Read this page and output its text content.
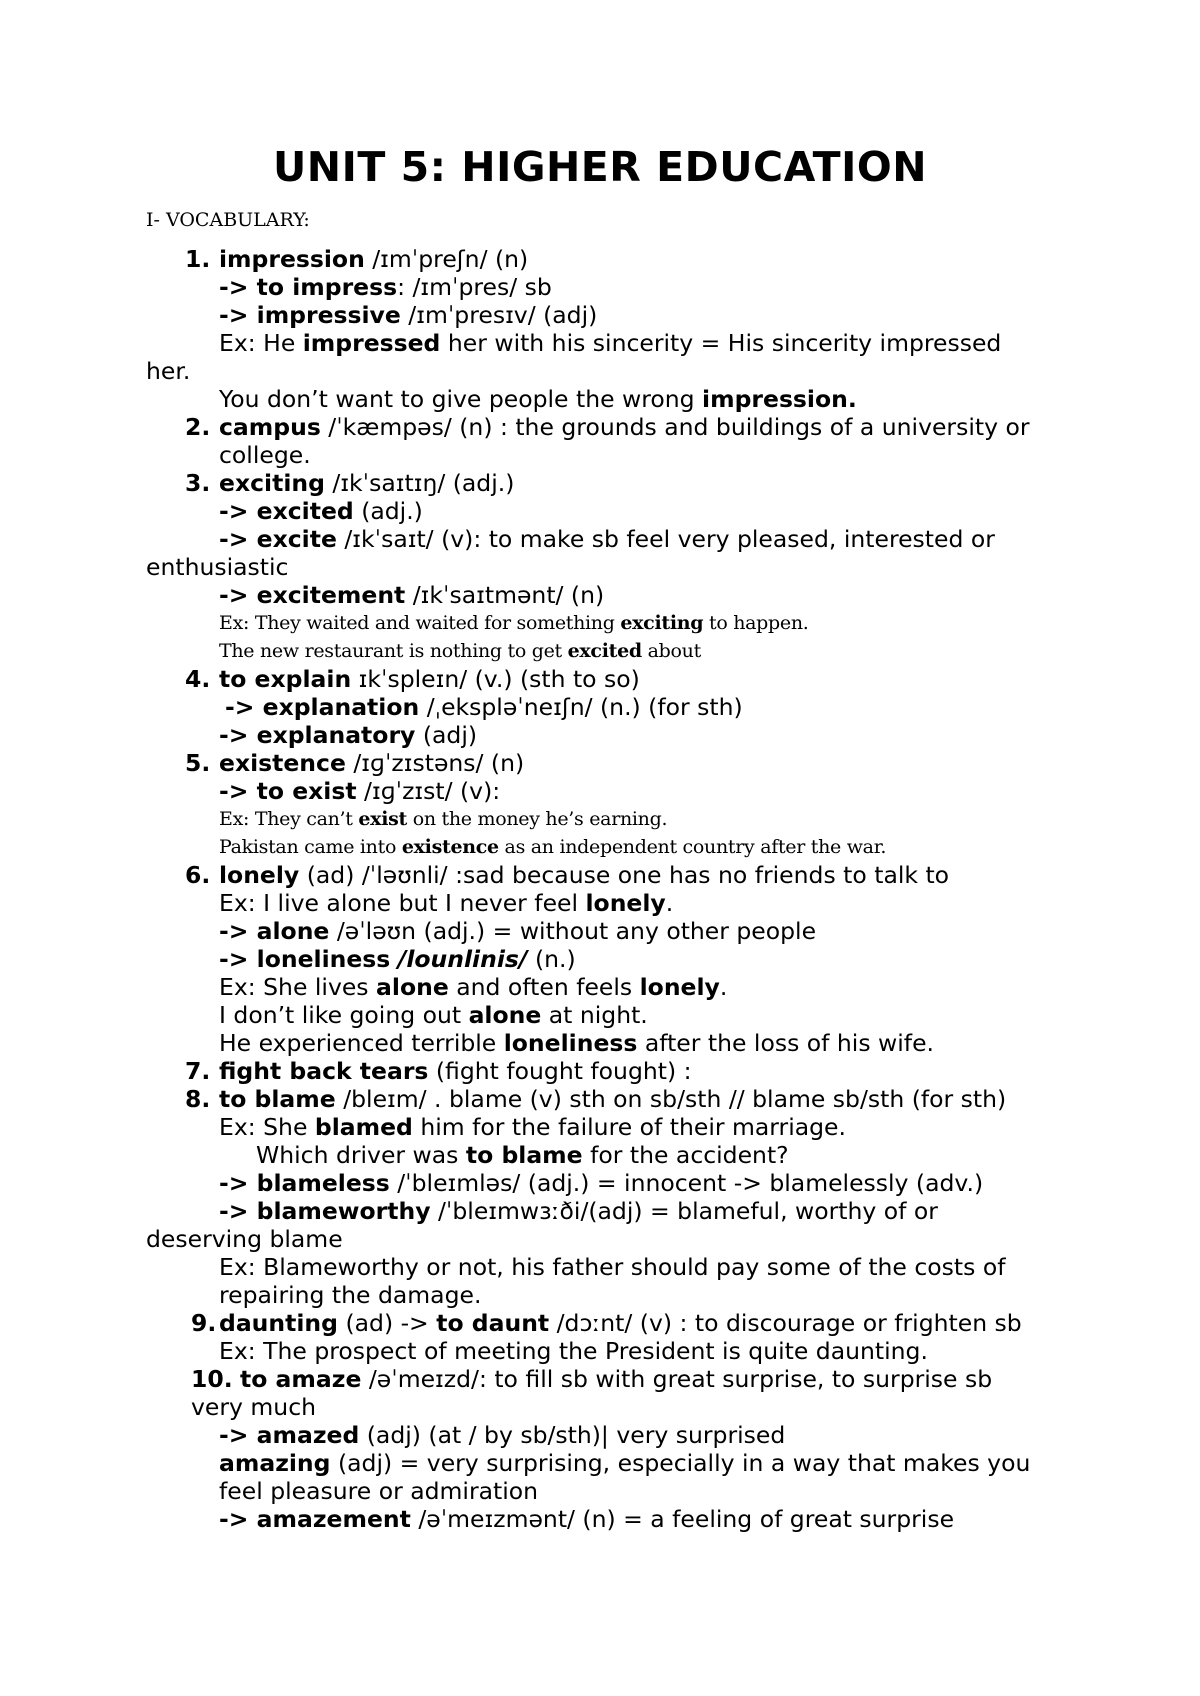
UNIT 5: HIGHER EDUCATION
I- VOCABULARY:
1.impression /ɪmˈpreʃn/ (n)
-> to impress: /ɪmˈpres/ sb
-> impressive /ɪmˈpresɪv/ (adj)
Ex: He impressed her with his sincerity = His sincerity impressed
her.
You don’t want to give people the wrong impression.
2.campus /ˈkæmpəs/ (n) : the grounds and buildings of a university or
college.
3.exciting /ɪkˈsaɪtɪŋ/ (adj.)
-> excited (adj.)
-> excite /ɪkˈsaɪt/ (v): to make sb feel very pleased, interested or
enthusiastic
-> excitement /ɪkˈsaɪtmənt/ (n)
Ex: They waited and waited for something exciting to happen.
The new restaurant is nothing to get excited about
4.to explain ɪkˈspleɪn/ (v.) (sth to so)
-> explanation /ˌekspləˈneɪʃn/ (n.) (for sth)
-> explanatory (adj)
5.existence /ɪɡˈzɪstəns/ (n)
-> to exist /ɪɡˈzɪst/ (v):
Ex: They can’t exist on the money he’s earning.
Pakistan came into existence as an independent country after the war.
6.lonely (ad) /ˈləʊnli/ :sad because one has no friends to talk to
Ex: I live alone but I never feel lonely.
-> alone /əˈləʊn (adj.) = without any other people
-> loneliness /lounlinis/ (n.)
Ex: She lives alone and often feels lonely.
I don’t like going out alone at night.
He experienced terrible loneliness after the loss of his wife.
7.fight back tears (fight fought fought) :
8.to blame /bleɪm/ . blame (v) sth on sb/sth // blame sb/sth (for sth)
Ex: She blamed him for the failure of their marriage.
Which driver was to blame for the accident?
-> blameless /ˈbleɪmləs/ (adj.) = innocent -> blamelessly (adv.)
-> blameworthy /ˈbleɪmwɜːði/(adj) = blameful, worthy of or
deserving blame
Ex: Blameworthy or not, his father should pay some of the costs of
repairing the damage.
9.daunting (ad) -> to daunt /dɔːnt/ (v) : to discourage or frighten sb
Ex: The prospect of meeting the President is quite daunting.
10.to amaze /əˈmeɪzd/: to fill sb with great surprise, to surprise sb
very much
-> amazed (adj) (at / by sb/sth)| very surprised
amazing (adj) = very surprising, especially in a way that makes you
feel pleasure or admiration
-> amazement /əˈmeɪzmənt/ (n) = a feeling of great surprise
